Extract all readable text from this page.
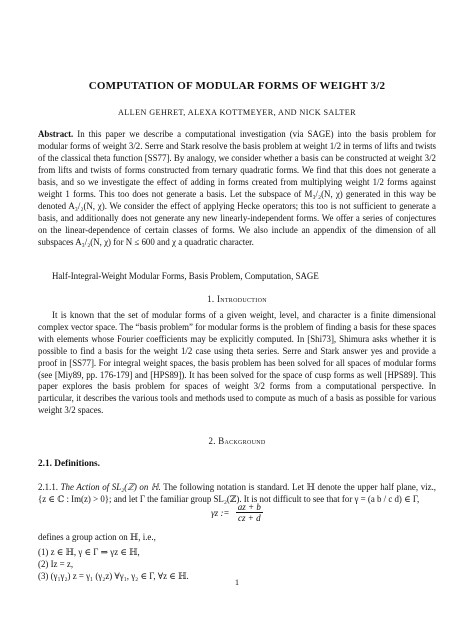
COMPUTATION OF MODULAR FORMS OF WEIGHT 3/2
ALLEN GEHRET, ALEXA KOTTMEYER, AND NICK SALTER
Abstract. In this paper we describe a computational investigation (via SAGE) into the basis problem for modular forms of weight 3/2. Serre and Stark resolve the basis problem at weight 1/2 in terms of lifts and twists of the classical theta function [SS77]. By analogy, we consider whether a basis can be constructed at weight 3/2 from lifts and twists of forms constructed from ternary quadratic forms. We find that this does not generate a basis, and so we investigate the effect of adding in forms created from multiplying weight 1/2 forms against weight 1 forms. This too does not generate a basis. Let the subspace of M₃/₂(N, χ) generated in this way be denoted A₃/₂(N, χ). We consider the effect of applying Hecke operators; this too is not sufficient to generate a basis, and additionally does not generate any new linearly-independent forms. We offer a series of conjectures on the linear-dependence of certain classes of forms. We also include an appendix of the dimension of all subspaces A₃/₂(N, χ) for N ≤ 600 and χ a quadratic character.
Half-Integral-Weight Modular Forms, Basis Problem, Computation, SAGE
1. Introduction
It is known that the set of modular forms of a given weight, level, and character is a finite dimensional complex vector space. The “basis problem” for modular forms is the problem of finding a basis for these spaces with elements whose Fourier coefficients may be explicitly computed. In [Shi73], Shimura asks whether it is possible to find a basis for the weight 1/2 case using theta series. Serre and Stark answer yes and provide a proof in [SS77]. For integral weight spaces, the basis problem has been solved for all spaces of modular forms (see [Miy89, pp. 176-179] and [HPS89]). It has been solved for the space of cusp forms as well [HPS89]. This paper explores the basis problem for spaces of weight 3/2 forms from a computational perspective. In particular, it describes the various tools and methods used to compute as much of a basis as possible for various weight 3/2 spaces.
2. Background
2.1. Definitions.
2.1.1. The Action of SL₂(ℤ) on ℍ. The following notation is standard. Let ℍ denote the upper half plane, viz., {z ∈ ℂ : Im(z) > 0}; and let Γ the familiar group SL₂(ℤ). It is not difficult to see that for γ = (a b / c d) ∈ Γ,
γz := $\frac{az + b}{cz + d}$
defines a group action on ℍ, i.e.,
(1) z ∈ ℍ, γ ∈ Γ ⇒ γz ∈ ℍ,
(2) Iz = z,
(3) (γ₁γ₂) z = γ₁ (γ₂z) ∀γ₁, γ₂ ∈ Γ, ∀z ∈ ℍ.
1
